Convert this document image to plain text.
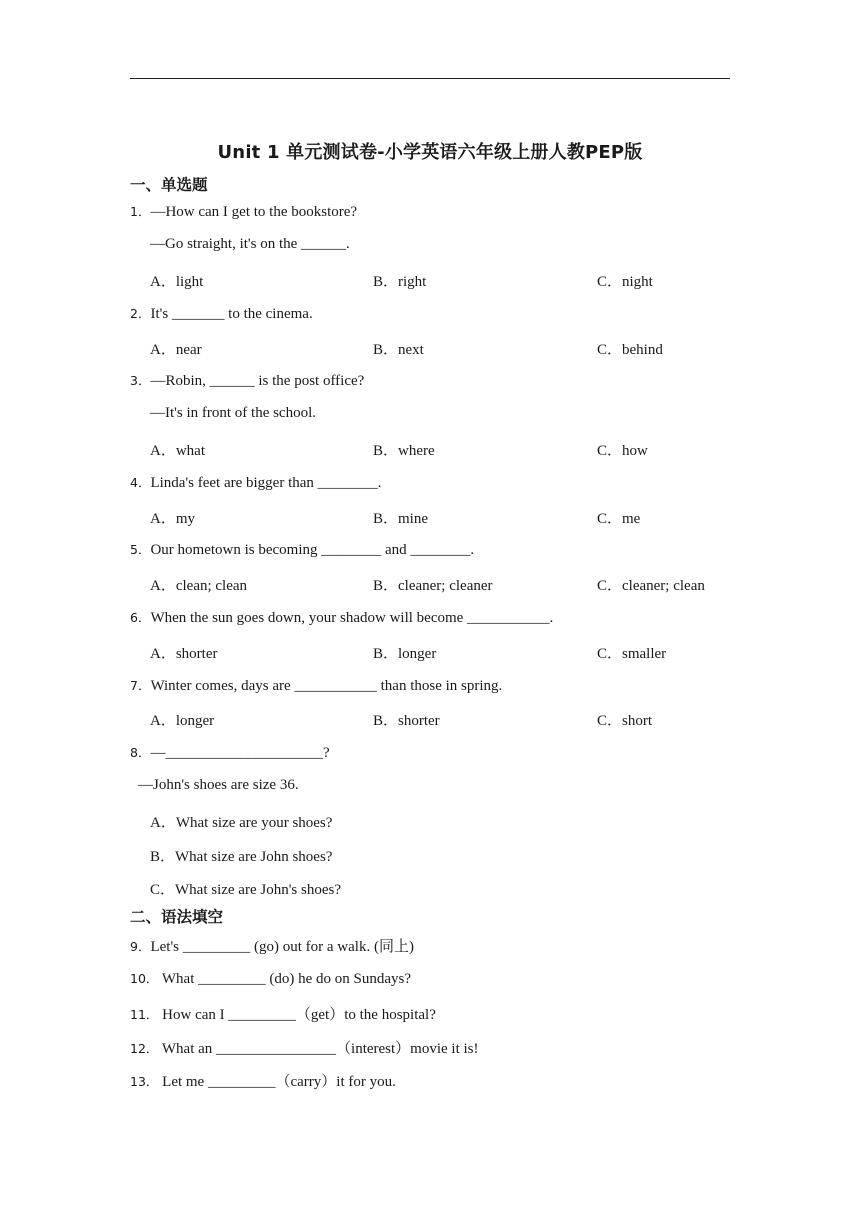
Unit 1 单元测试卷-小学英语六年级上册人教PEP版
一、单选题
1．—How can I get to the bookstore?
—Go straight, it's on the ______.
A．light	B．right	C．night
2．It's _______ to the cinema.
A．near	B．next	C．behind
3．—Robin, ______ is the post office?
—It's in front of the school.
A．what	B．where	C．how
4．Linda's feet are bigger than ________.
A．my	B．mine	C．me
5．Our hometown is becoming ________ and ________.
A．clean; clean	B．cleaner; cleaner	C．cleaner; clean
6．When the sun goes down, your shadow will become ___________.
A．shorter	B．longer	C．smaller
7．Winter comes, days are ___________ than those in spring.
A．longer	B．shorter	C．short
8．—_____________________?
—John's shoes are size 36.
A．What size are your shoes?
B．What size are John shoes?
C．What size are John's shoes?
二、语法填空
9．Let's _________ (go) out for a walk. (同上)
10． What _________ (do) he do on Sundays?
11． How can I _________（get）to the hospital?
12． What an ________________（interest）movie it is!
13． Let me _________（carry）it for you.
